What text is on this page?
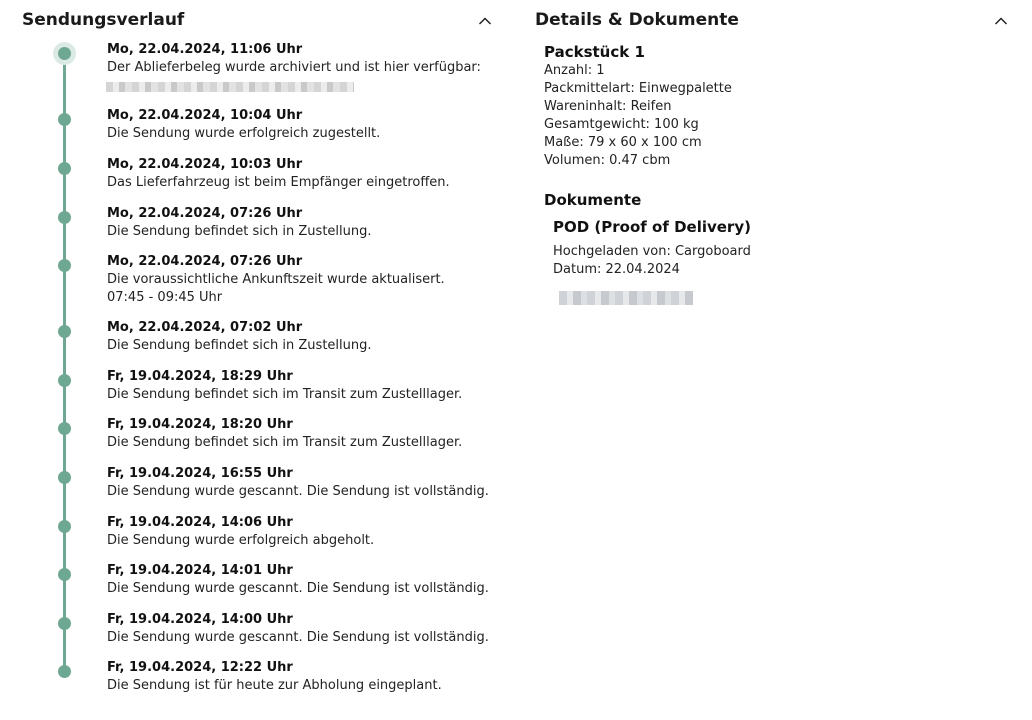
Sendungsverlauf
Mo, 22.04.2024, 11:06 Uhr
Der Ablieferbeleg wurde archiviert und ist hier verfügbar:
Mo, 22.04.2024, 10:04 Uhr
Die Sendung wurde erfolgreich zugestellt.
Mo, 22.04.2024, 10:03 Uhr
Das Lieferfahrzeug ist beim Empfänger eingetroffen.
Mo, 22.04.2024, 07:26 Uhr
Die Sendung befindet sich in Zustellung.
Mo, 22.04.2024, 07:26 Uhr
Die voraussichtliche Ankunftszeit wurde aktualisert.
07:45 - 09:45 Uhr
Mo, 22.04.2024, 07:02 Uhr
Die Sendung befindet sich in Zustellung.
Fr, 19.04.2024, 18:29 Uhr
Die Sendung befindet sich im Transit zum Zustelllager.
Fr, 19.04.2024, 18:20 Uhr
Die Sendung befindet sich im Transit zum Zustelllager.
Fr, 19.04.2024, 16:55 Uhr
Die Sendung wurde gescannt. Die Sendung ist vollständig.
Fr, 19.04.2024, 14:06 Uhr
Die Sendung wurde erfolgreich abgeholt.
Fr, 19.04.2024, 14:01 Uhr
Die Sendung wurde gescannt. Die Sendung ist vollständig.
Fr, 19.04.2024, 14:00 Uhr
Die Sendung wurde gescannt. Die Sendung ist vollständig.
Fr, 19.04.2024, 12:22 Uhr
Die Sendung ist für heute zur Abholung eingeplant.
Details & Dokumente
Packstück 1
Anzahl: 1
Packmittelart: Einwegpalette
Wareninhalt: Reifen
Gesamtgewicht: 100 kg
Maße: 79 x 60 x 100 cm
Volumen: 0.47 cbm
Dokumente
POD (Proof of Delivery)
Hochgeladen von: Cargoboard
Datum: 22.04.2024
